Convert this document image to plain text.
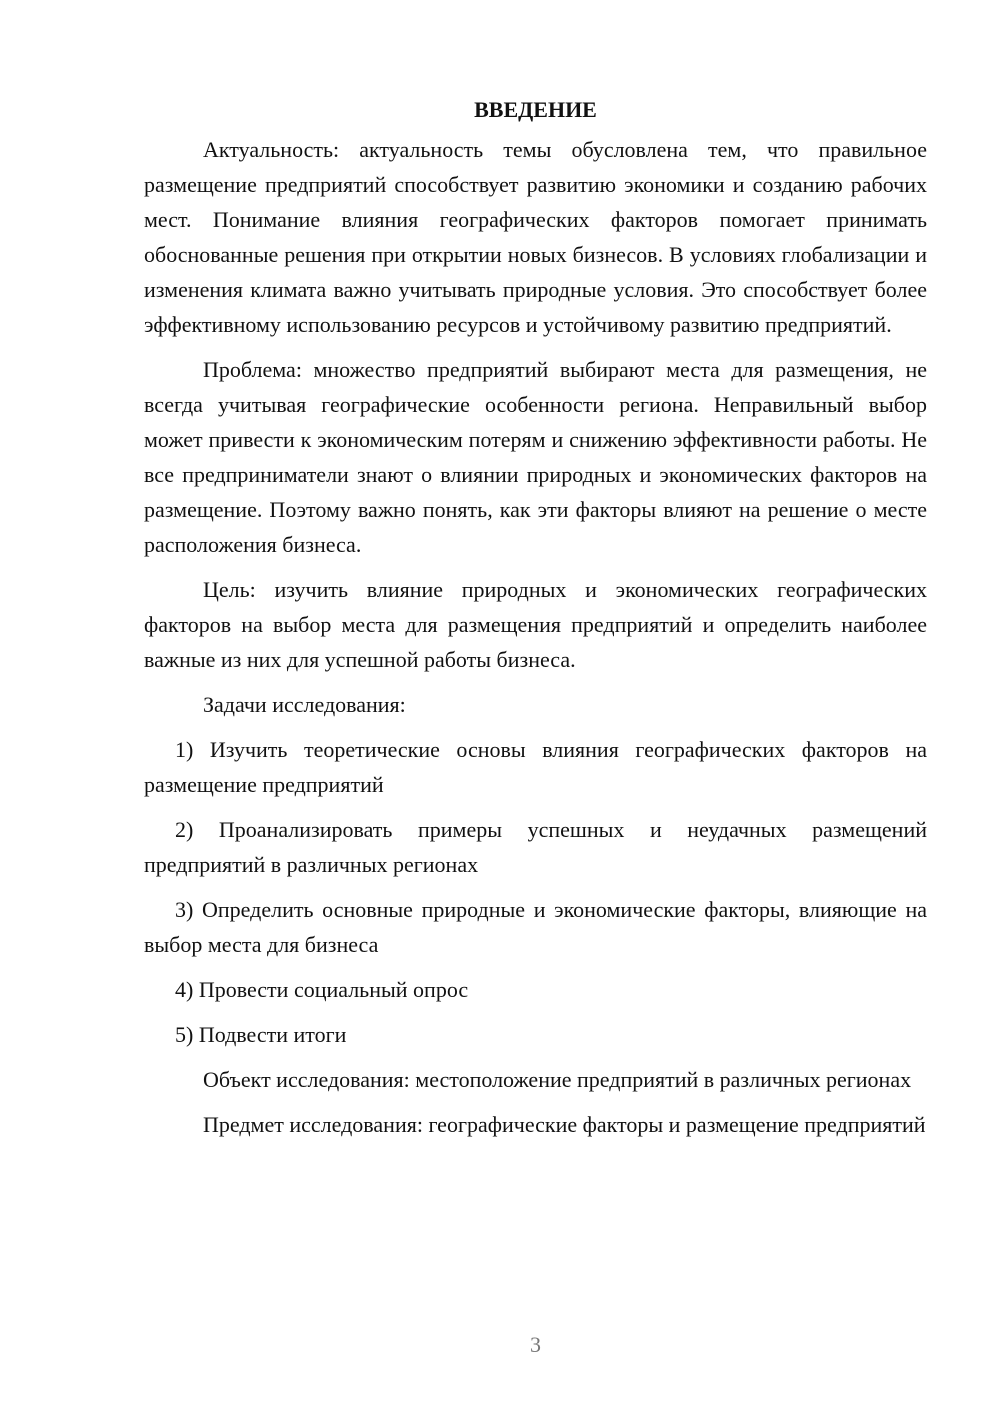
ВВЕДЕНИЕ

Актуальность: актуальность темы обусловлена тем, что правильное размещение предприятий способствует развитию экономики и созданию рабочих мест. Понимание влияния географических факторов помогает принимать обоснованные решения при открытии новых бизнесов. В условиях глобализации и изменения климата важно учитывать природные условия. Это способствует более эффективному использованию ресурсов и устойчивому развитию предприятий.

Проблема: множество предприятий выбирают места для размещения, не всегда учитывая географические особенности региона. Неправильный выбор может привести к экономическим потерям и снижению эффективности работы. Не все предприниматели знают о влиянии природных и экономических факторов на размещение. Поэтому важно понять, как эти факторы влияют на решение о месте расположения бизнеса.

Цель: изучить влияние природных и экономических географических факторов на выбор места для размещения предприятий и определить наиболее важные из них для успешной работы бизнеса.

Задачи исследования:

1) Изучить теоретические основы влияния географических факторов на размещение предприятий

2) Проанализировать примеры успешных и неудачных размещений предприятий в различных регионах

3) Определить основные природные и экономические факторы, влияющие на выбор места для бизнеса

4) Провести социальный опрос

5) Подвести итоги

Объект исследования: местоположение предприятий в различных регионах

Предмет исследования: географические факторы и размещение предприятий

3
